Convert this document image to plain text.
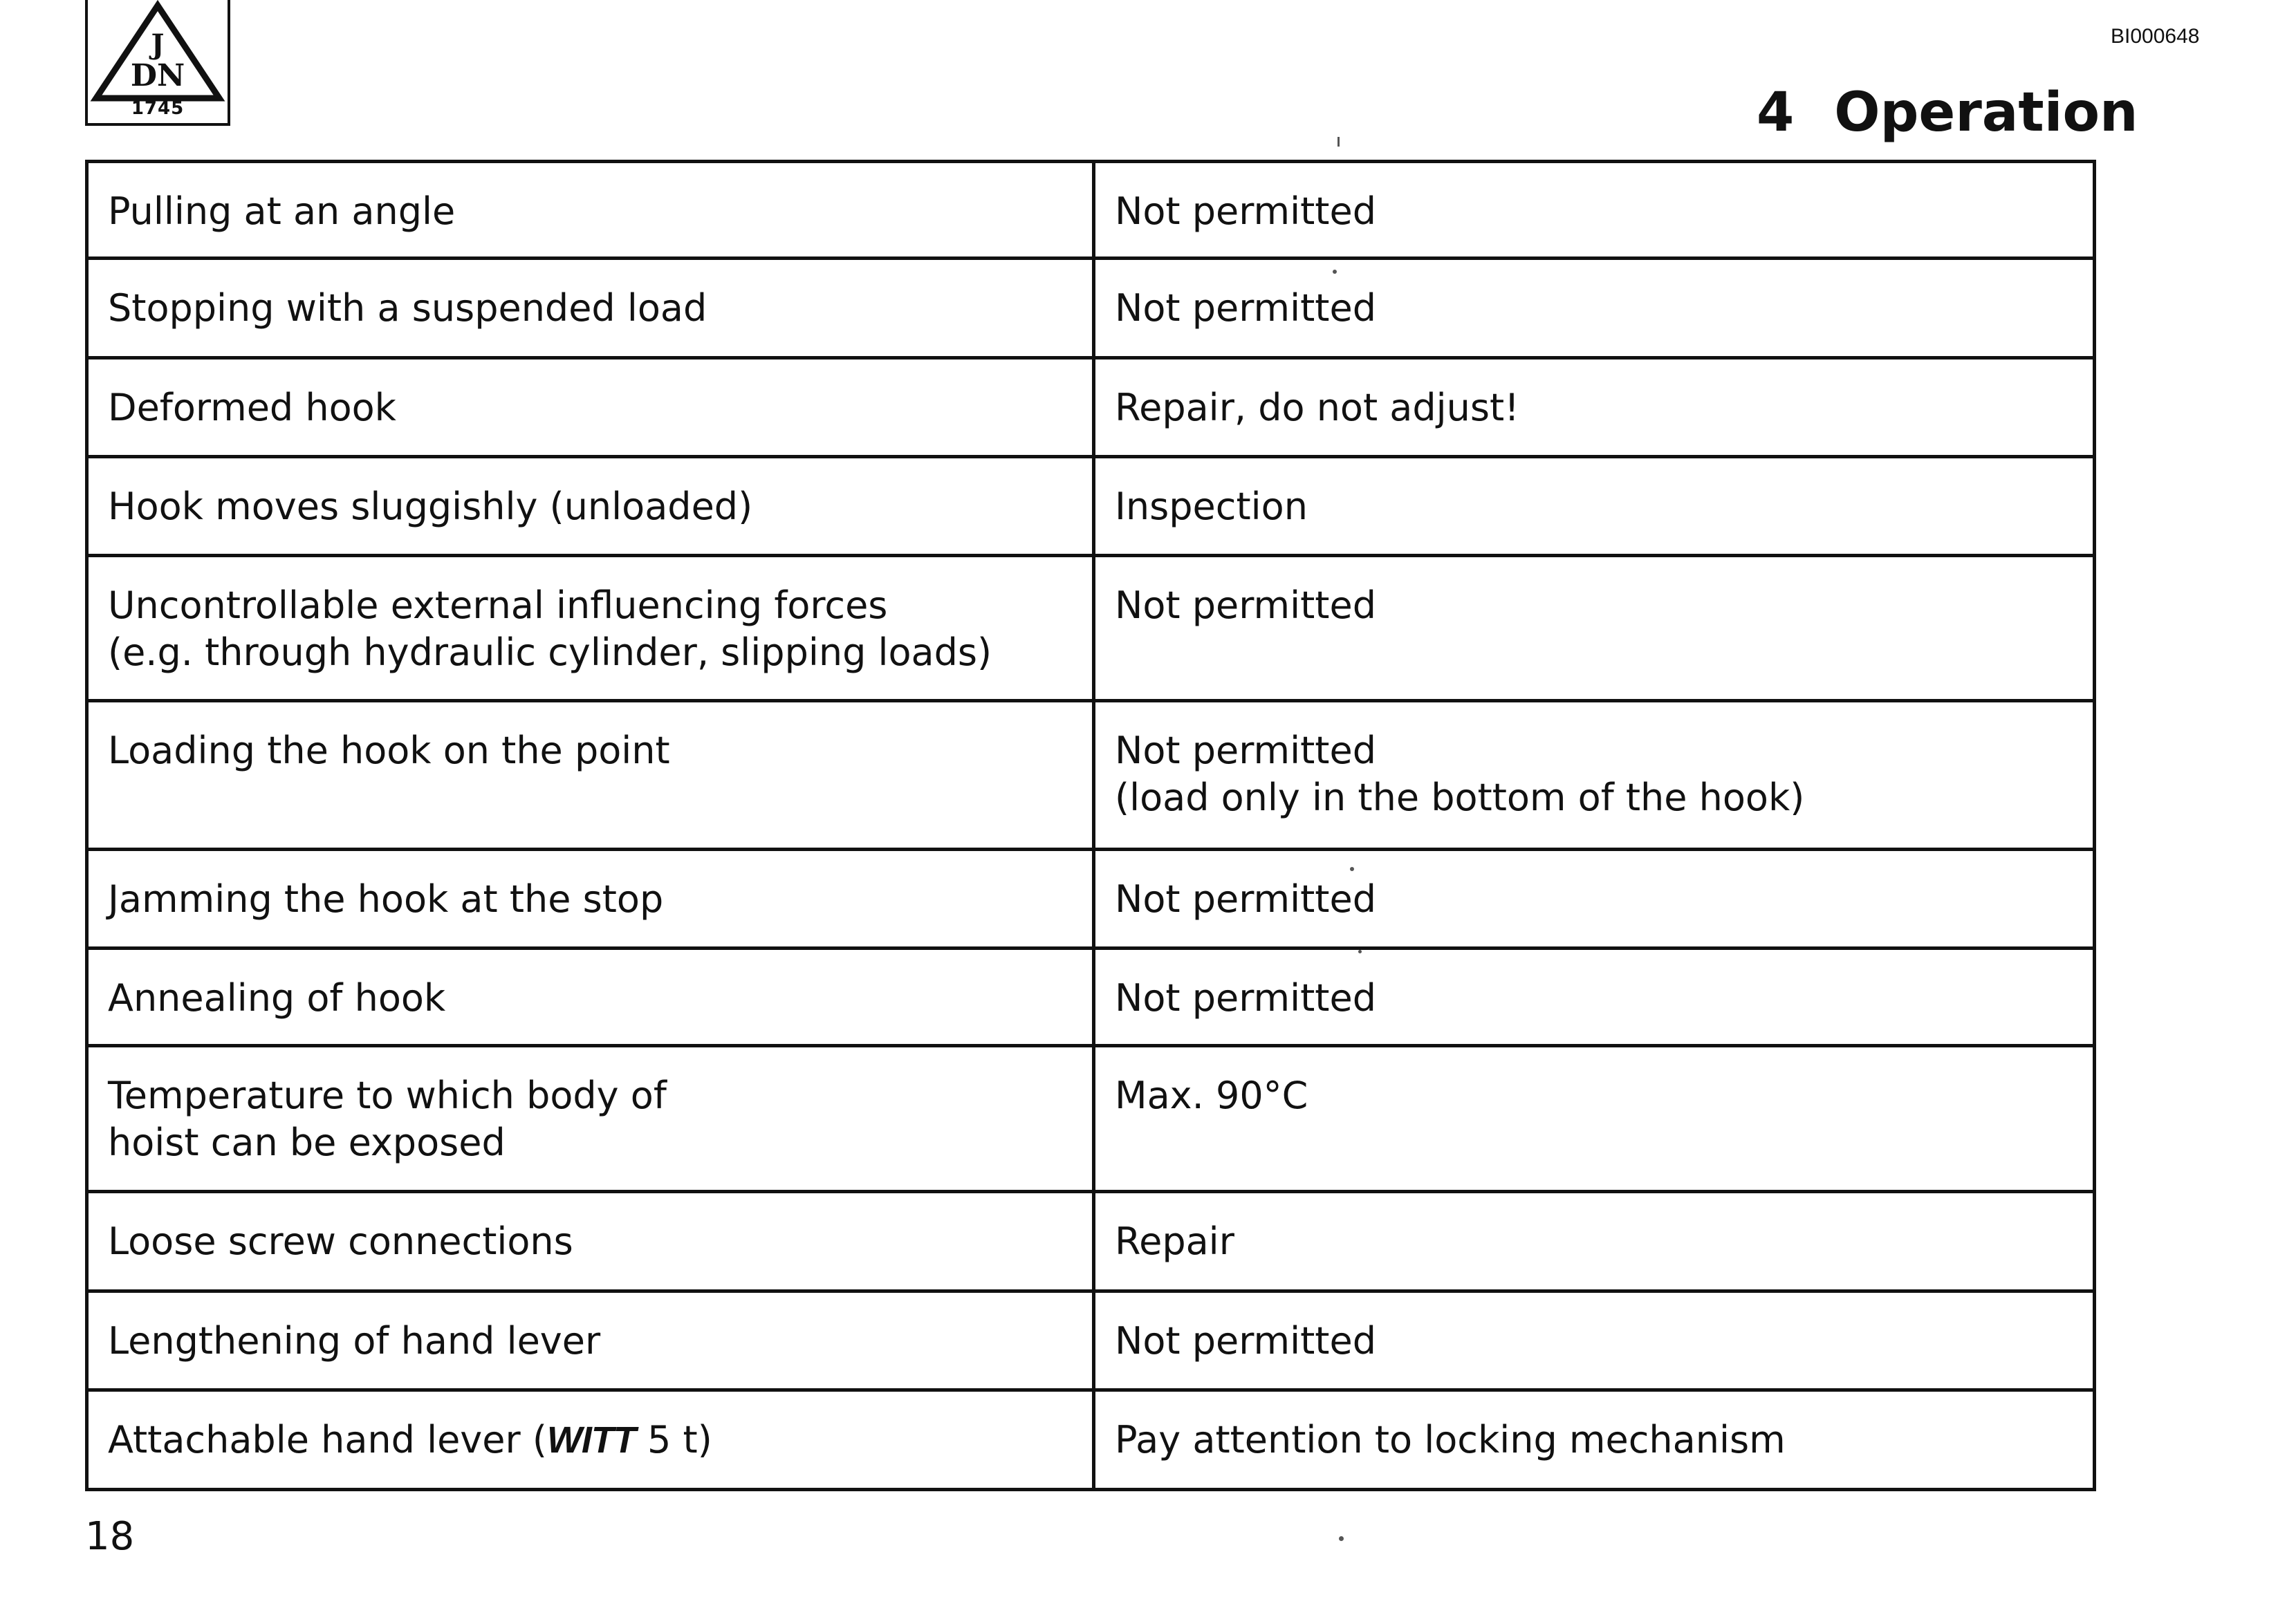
J
DN
1745
BI000648
4 Operation
Pulling at an angle	Not permitted
Stopping with a suspended load	Not permitted
Deformed hook	Repair, do not adjust!
Hook moves sluggishly (unloaded)	Inspection
Uncontrollable external influencing forces
(e.g. through hydraulic cylinder, slipping loads)	Not permitted
Loading the hook on the point	Not permitted
(load only in the bottom of the hook)
Jamming the hook at the stop	Not permitted
Annealing of hook	Not permitted
Temperature to which body of
hoist can be exposed	Max. 90°C
Loose screw connections	Repair
Lengthening of hand lever	Not permitted
Attachable hand lever (WITT 5 t)	Pay attention to locking mechanism
18
